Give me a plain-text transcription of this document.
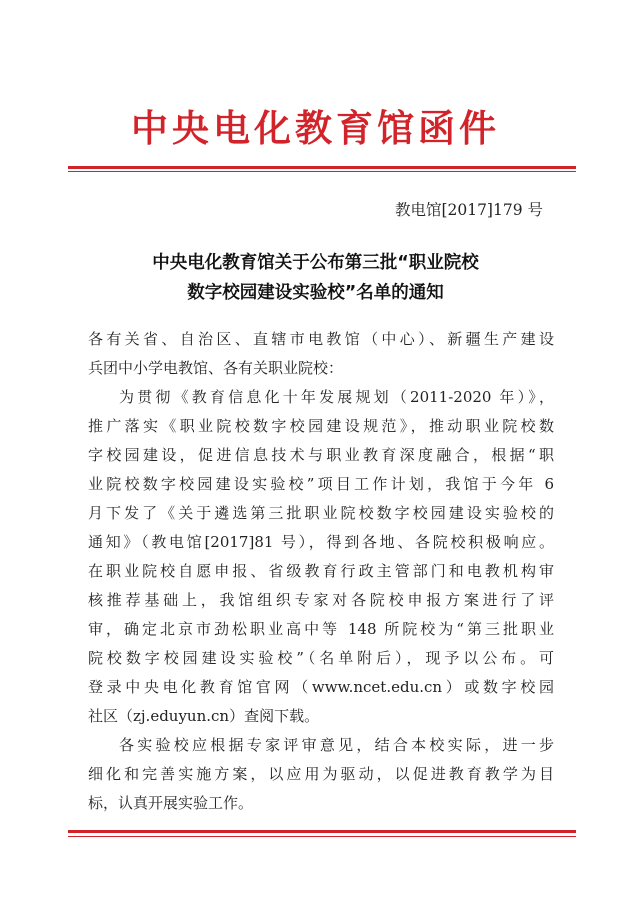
中央电化教育馆函件
教电馆[2017]179 号
中央电化教育馆关于公布第三批“职业院校
数字校园建设实验校”名单的通知
各有关省、自治区、直辖市电教馆（中心）、新疆生产建设
兵团中小学电教馆、各有关职业院校：
为贯彻《教育信息化十年发展规划（2011-2020 年）》，
推广落实《职业院校数字校园建设规范》，推动职业院校数
字校园建设，促进信息技术与职业教育深度融合，根据“职
业院校数字校园建设实验校”项目工作计划，我馆于今年 6
月下发了《关于遴选第三批职业院校数字校园建设实验校的
通知》（教电馆[2017]81 号），得到各地、各院校积极响应。
在职业院校自愿申报、省级教育行政主管部门和电教机构审
核推荐基础上，我馆组织专家对各院校申报方案进行了评
审，确定北京市劲松职业高中等 148 所院校为“第三批职业
院校数字校园建设实验校”（名单附后），现予以公布。可
登录中央电化教育馆官网（www.ncet.edu.cn）或数字校园
社区（zj.eduyun.cn）查阅下载。
各实验校应根据专家评审意见，结合本校实际，进一步
细化和完善实施方案，以应用为驱动，以促进教育教学为目
标，认真开展实验工作。
